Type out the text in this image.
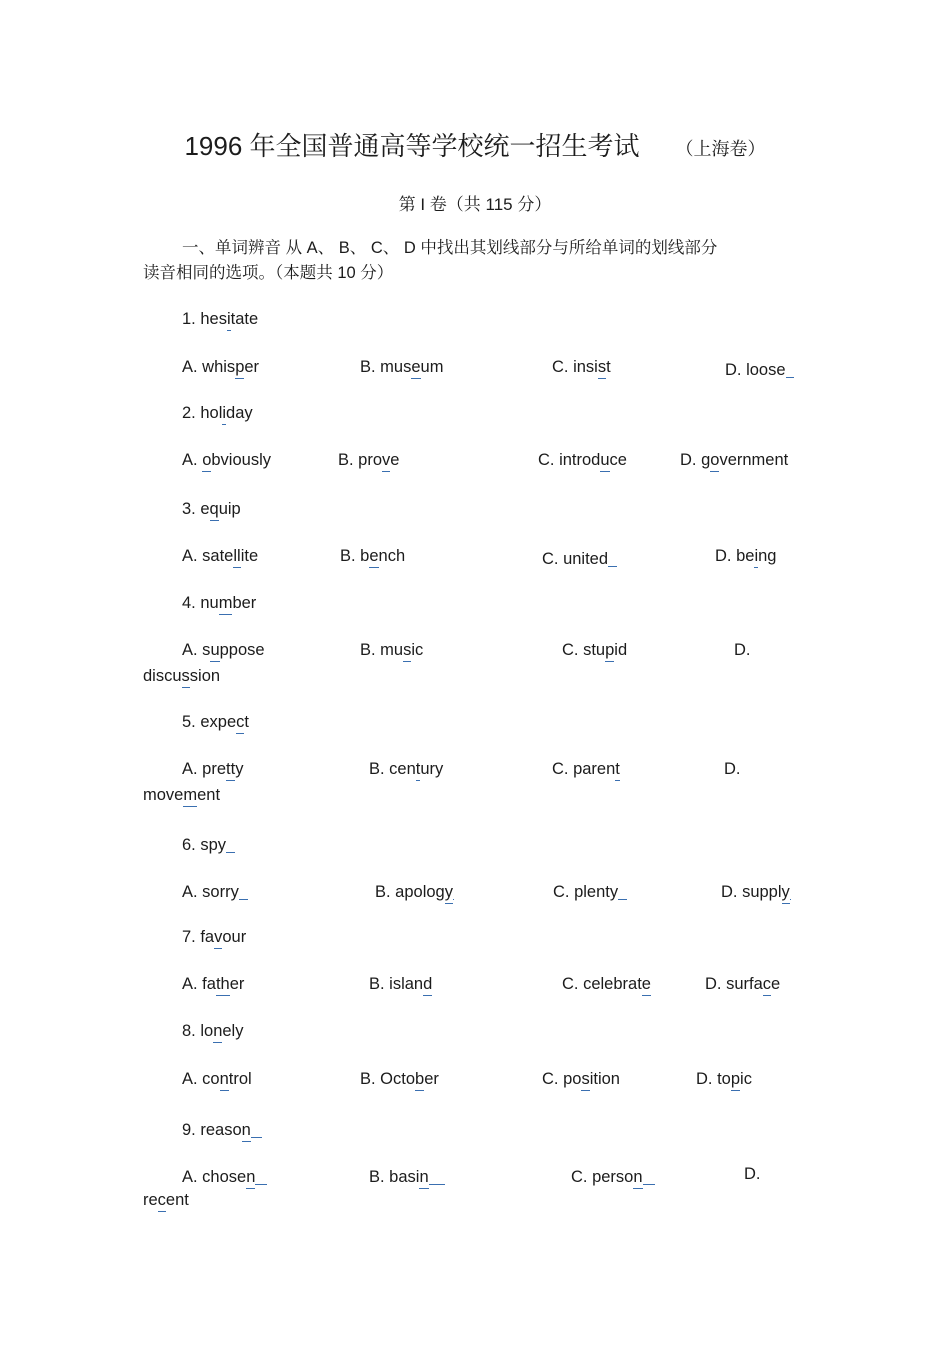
1996 年全国普通高等学校统一招生考试 （上海卷）
第 I 卷（共 115 分）
一、单词辨音 从 A、 B、 C、 D 中找出其划线部分与所给单词的划线部分
读音相同的选项。（本题共 10 分）
1. hesitate
A. whisper	B. museum	C. insist	D. loose
2. holiday
A. obviously	B. prove	C. introduce	D. government
3. equip
A. satellite	B. bench	C. united	D. being
4. number
A. suppose	B. music	C. stupid	D.
discussion
5. expect
A. pretty	B. century	C. parent	D.
movement
6. spy
A. sorry	B. apology	C. plenty	D. supply
7. favour
A. father	B. island	C. celebrate	D. surface
8. lonely
A. control	B. October	C. position	D. topic
9. reason
A. chosen	B. basin	C. person	D.
recent
